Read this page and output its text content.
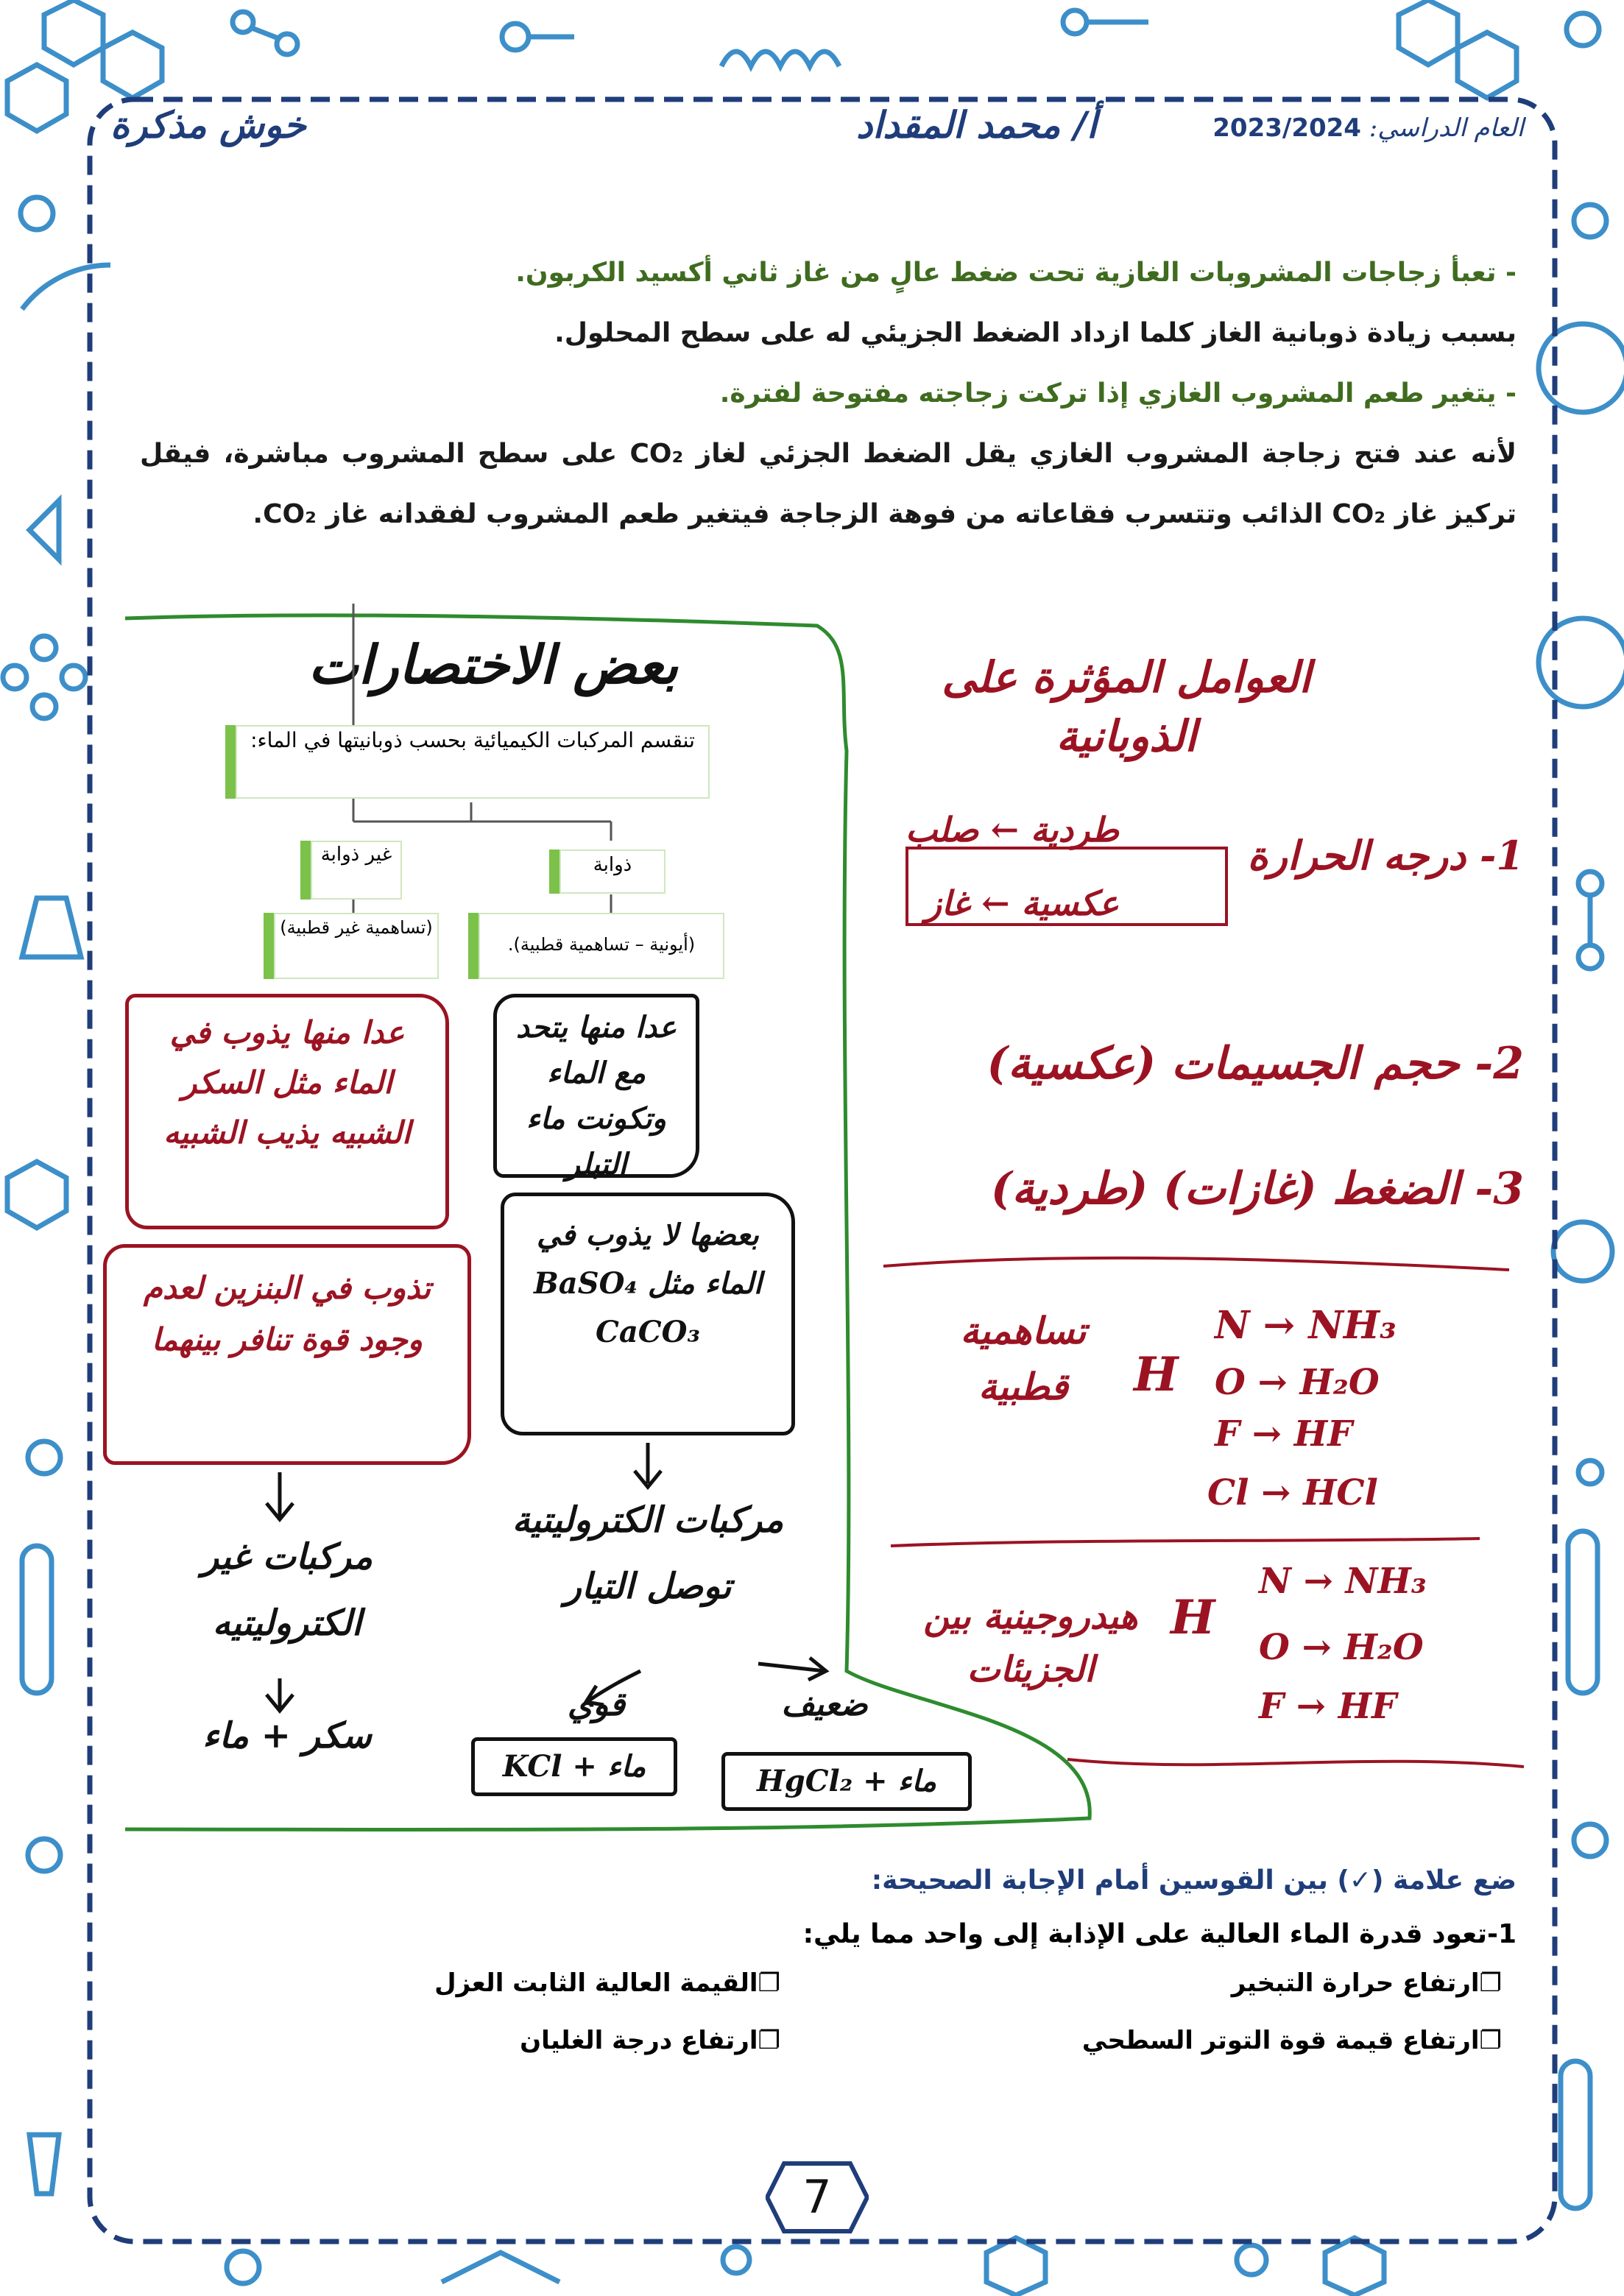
العام الدراسي: 2023/2024
أ/ محمد المقداد
خوش مذكرة
- تعبأ زجاجات المشروبات الغازية تحت ضغط عالٍ من غاز ثاني أكسيد الكربون.
بسبب زيادة ذوبانية الغاز كلما ازداد الضغط الجزيئي له على سطح المحلول.
- يتغير طعم المشروب الغازي إذا تركت زجاجته مفتوحة لفترة.
لأنه عند فتح زجاجة المشروب الغازي يقل الضغط الجزئي لغاز CO₂ على سطح المشروب مباشرة، فيقل تركيز غاز CO₂ الذائب وتتسرب فقاعاته من فوهة الزجاجة فيتغير طعم المشروب لفقدانه غاز CO₂.
بعض الاختصارات
تنقسم المركبات الكيميائية بحسب ذوبانيتها في الماء:
غير ذوابة	ذوابة
(تساهمية غير قطبية)
(أيونية – تساهمية قطبية).
عدا منها يتحد مع الماء وتكونت ماء التبلر
بعضها لا يذوب في الماء مثل BaSO₄ CaCO₃
عدا منها يذوب في الماء مثل السكر الشبيه يذيب الشبيه
تذوب في البنزين لعدم وجود قوة تنافر بينهما
مركبات الكتروليتية توصل التيار
قوي	ضعيف
KCl + ماء	HgCl₂ + ماء
مركبات غير الكتروليتيه
سكر + ماء
العوامل المؤثرة على الذوبانية
1- درجه الحرارة
طردية ← صلب
عكسية ← غاز
2- حجم الجسيمات (عكسية)
3- الضغط (غازات) (طردية)
تساهمية قطبية	H
N → NH₃
O → H₂O
F → HF
Cl → HCl
هيدروجينية بين الجزيئات
H
N → NH₃
O → H₂O
F → HF
ضع علامة (✓) بين القوسين أمام الإجابة الصحيحة:
1-تعود قدرة الماء العالية على الإذابة إلى واحد مما يلي:
❐ارتفاع حرارة التبخير
❐القيمة العالية الثابت العزل
❐ارتفاع قيمة قوة التوتر السطحي
❐ارتفاع درجة الغليان
7
